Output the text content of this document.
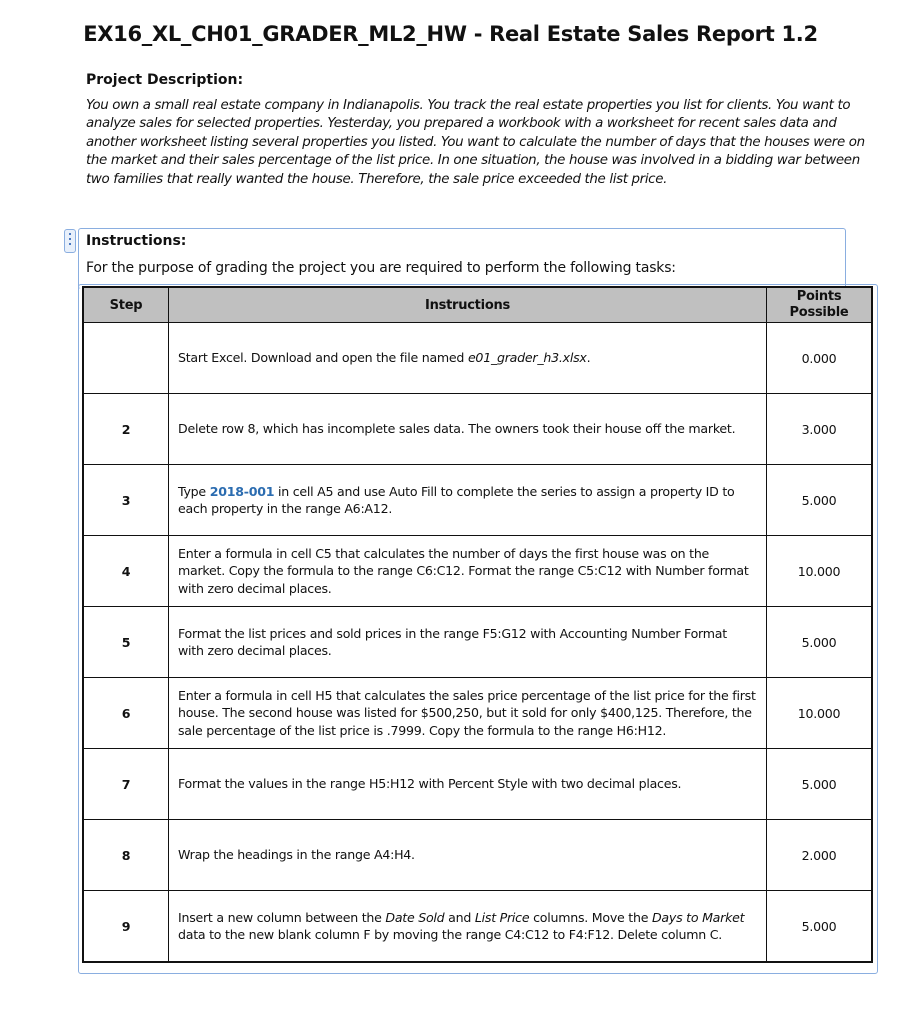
EX16_XL_CH01_GRADER_ML2_HW - Real Estate Sales Report 1.2
Project Description:
You own a small real estate company in Indianapolis. You track the real estate properties you list for clients. You want to analyze sales for selected properties. Yesterday, you prepared a workbook with a worksheet for recent sales data and another worksheet listing several properties you listed. You want to calculate the number of days that the houses were on the market and their sales percentage of the list price. In one situation, the house was involved in a bidding war between two families that really wanted the house. Therefore, the sale price exceeded the list price.
Instructions:
For the purpose of grading the project you are required to perform the following tasks:
Step	Instructions	Points
Possible
	Start Excel. Download and open the file named e01_grader_h3.xlsx.	0.000
2	Delete row 8, which has incomplete sales data. The owners took their house off the market.	3.000
3	Type 2018-001 in cell A5 and use Auto Fill to complete the series to assign a property ID to each property in the range A6:A12.	5.000
4	Enter a formula in cell C5 that calculates the number of days the first house was on the market. Copy the formula to the range C6:C12. Format the range C5:C12 with Number format with zero decimal places.	10.000
5	Format the list prices and sold prices in the range F5:G12 with Accounting Number Format with zero decimal places.	5.000
6	Enter a formula in cell H5 that calculates the sales price percentage of the list price for the first house. The second house was listed for $500,250, but it sold for only $400,125. Therefore, the sale percentage of the list price is .7999. Copy the formula to the range H6:H12.	10.000
7	Format the values in the range H5:H12 with Percent Style with two decimal places.	5.000
8	Wrap the headings in the range A4:H4.	2.000
9	Insert a new column between the Date Sold and List Price columns. Move the Days to Market data to the new blank column F by moving the range C4:C12 to F4:F12. Delete column C.	5.000
